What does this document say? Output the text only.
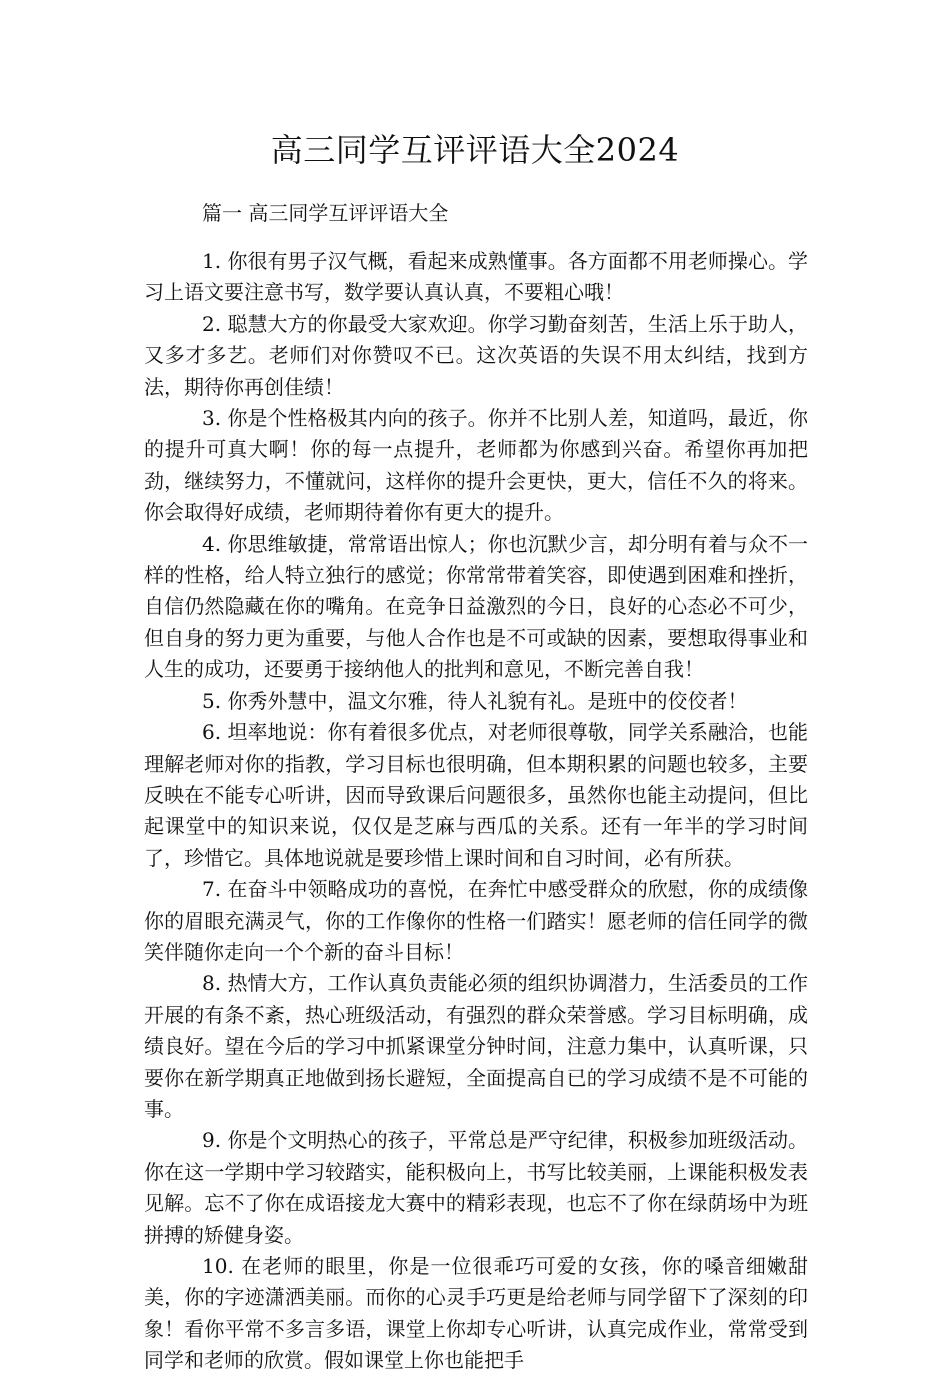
高三同学互评评语大全2024
篇一 高三同学互评评语大全

1. 你很有男子汉气概，看起来成熟懂事。各方面都不用老师操心。学习上语文要注意书写，数学要认真认真，不要粗心哦！

2. 聪慧大方的你最受大家欢迎。你学习勤奋刻苦，生活上乐于助人，又多才多艺。老师们对你赞叹不已。这次英语的失误不用太纠结，找到方法，期待你再创佳绩！

3. 你是个性格极其内向的孩子。你并不比别人差，知道吗，最近，你的提升可真大啊！你的每一点提升，老师都为你感到兴奋。希望你再加把劲，继续努力，不懂就问，这样你的提升会更快，更大，信任不久的将来。你会取得好成绩，老师期待着你有更大的提升。

4. 你思维敏捷，常常语出惊人；你也沉默少言，却分明有着与众不一样的性格，给人特立独行的感觉；你常常带着笑容，即使遇到困难和挫折，自信仍然隐藏在你的嘴角。在竞争日益激烈的今日，良好的心态必不可少，但自身的努力更为重要，与他人合作也是不可或缺的因素，要想取得事业和人生的成功，还要勇于接纳他人的批判和意见，不断完善自我！

5. 你秀外慧中，温文尔雅，待人礼貌有礼。是班中的佼佼者！

6. 坦率地说：你有着很多优点，对老师很尊敬，同学关系融洽，也能理解老师对你的指教，学习目标也很明确，但本期积累的问题也较多，主要反映在不能专心听讲，因而导致课后问题很多，虽然你也能主动提问，但比起课堂中的知识来说，仅仅是芝麻与西瓜的关系。还有一年半的学习时间了，珍惜它。具体地说就是要珍惜上课时间和自习时间，必有所获。

7. 在奋斗中领略成功的喜悦，在奔忙中感受群众的欣慰，你的成绩像你的眉眼充满灵气，你的工作像你的性格一们踏实！愿老师的信任同学的微笑伴随你走向一个个新的奋斗目标！

8. 热情大方，工作认真负责能必须的组织协调潜力，生活委员的工作开展的有条不紊，热心班级活动，有强烈的群众荣誉感。学习目标明确，成绩良好。望在今后的学习中抓紧课堂分钟时间，注意力集中，认真听课，只要你在新学期真正地做到扬长避短，全面提高自已的学习成绩不是不可能的事。

9. 你是个文明热心的孩子，平常总是严守纪律，积极参加班级活动。你在这一学期中学习较踏实，能积极向上，书写比较美丽，上课能积极发表见解。忘不了你在成语接龙大赛中的精彩表现，也忘不了你在绿荫场中为班拼搏的矫健身姿。

10. 在老师的眼里，你是一位很乖巧可爱的女孩，你的嗓音细嫩甜美，你的字迹潇洒美丽。而你的心灵手巧更是给老师与同学留下了深刻的印象！看你平常不多言多语，课堂上你却专心听讲，认真完成作业，常常受到同学和老师的欣赏。假如课堂上你也能把手
